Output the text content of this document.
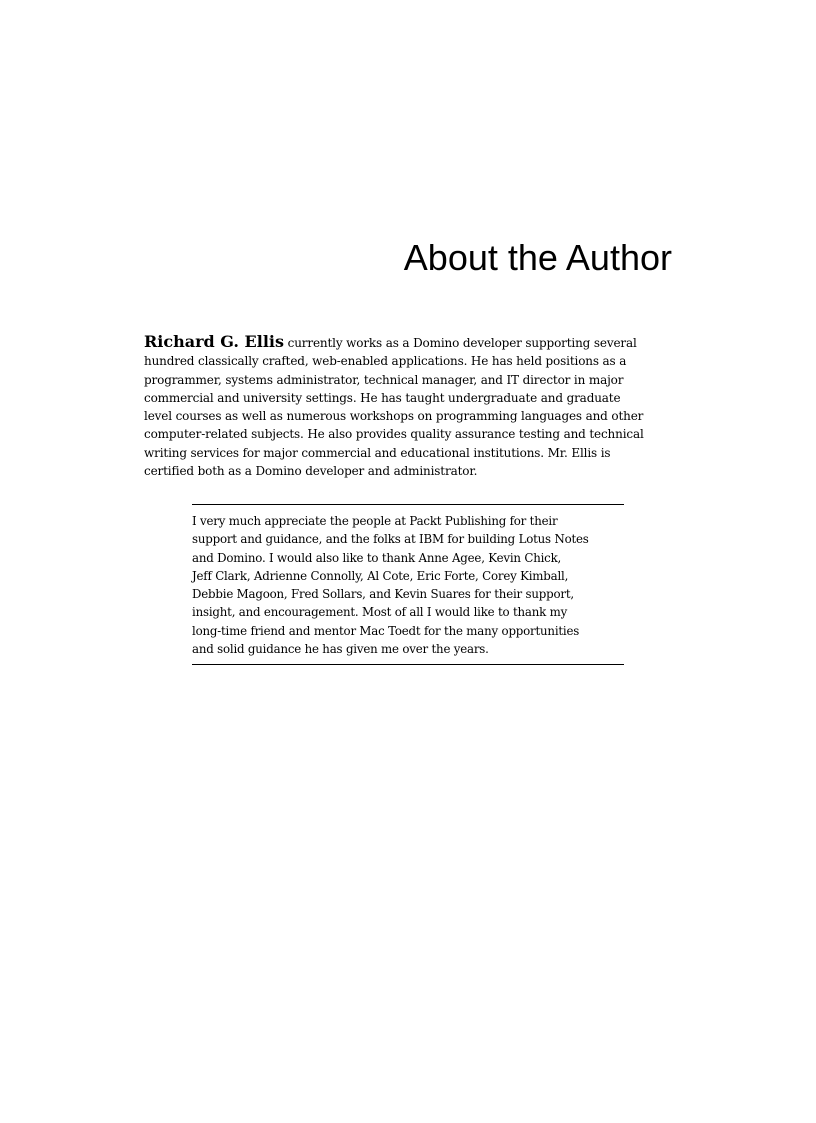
About the Author

Richard G. Ellis currently works as a Domino developer supporting several
hundred classically crafted, web-enabled applications. He has held positions as a
programmer, systems administrator, technical manager, and IT director in major
commercial and university settings. He has taught undergraduate and graduate
level courses as well as numerous workshops on programming languages and other
computer-related subjects. He also provides quality assurance testing and technical
writing services for major commercial and educational institutions. Mr. Ellis is
certified both as a Domino developer and administrator.

I very much appreciate the people at Packt Publishing for their
support and guidance, and the folks at IBM for building Lotus Notes
and Domino. I would also like to thank Anne Agee, Kevin Chick,
Jeff Clark, Adrienne Connolly, Al Cote, Eric Forte, Corey Kimball,
Debbie Magoon, Fred Sollars, and Kevin Suares for their support,
insight, and encouragement. Most of all I would like to thank my
long-time friend and mentor Mac Toedt for the many opportunities
and solid guidance he has given me over the years.
